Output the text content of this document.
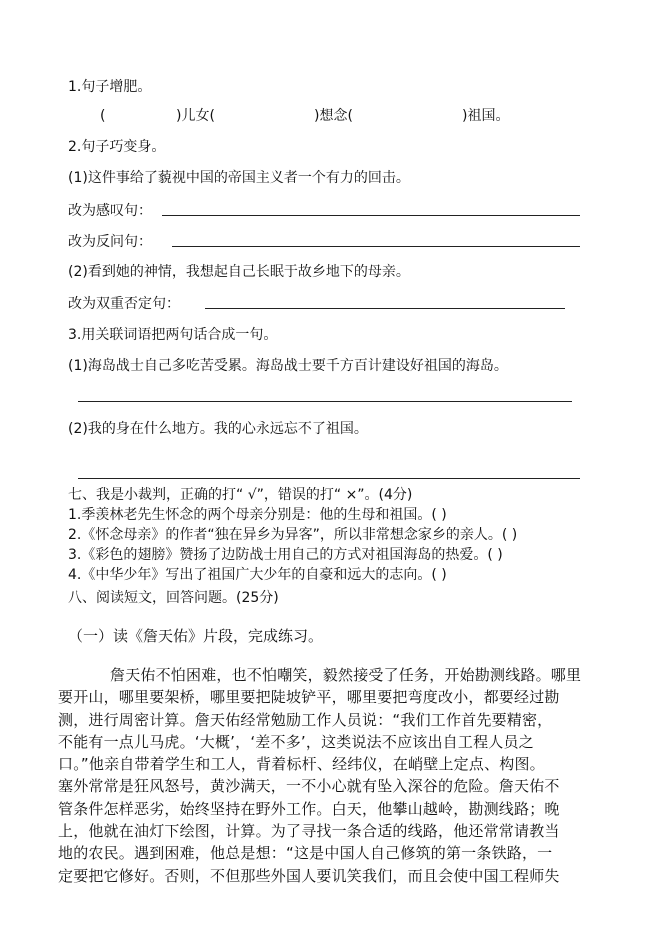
1.句子增肥。
(	)儿女(	)想念(	)祖国。
2.句子巧变身。
(1)这件事给了藐视中国的帝国主义者一个有力的回击。
改为感叹句：
改为反问句：
(2)看到她的神情，我想起自己长眠于故乡地下的母亲。
改为双重否定句：
3.用关联词语把两句话合成一句。
(1)海岛战士自己多吃苦受累。海岛战士要千方百计建设好祖国的海岛。
(2)我的身在什么地方。我的心永远忘不了祖国。
七、我是小裁判，正确的打“ √”，错误的打“ ×”。(4分)
1.季羡林老先生怀念的两个母亲分别是：他的生母和祖国。( )
2.《怀念母亲》的作者“独在异乡为异客”，所以非常想念家乡的亲人。( )
3.《彩色的翅膀》赞扬了边防战士用自己的方式对祖国海岛的热爱。( )
4.《中华少年》写出了祖国广大少年的自豪和远大的志向。( )
八、阅读短文，回答问题。(25分)
（一）读《詹天佑》片段，完成练习。
詹天佑不怕困难，也不怕嘲笑，毅然接受了任务，开始勘测线路。哪里
要开山，哪里要架桥，哪里要把陡坡铲平，哪里要把弯度改小，都要经过勘
测，进行周密计算。詹天佑经常勉励工作人员说：“我们工作首先要精密，
不能有一点儿马虎。‘大概’，‘差不多’，这类说法不应该出自工程人员之
口。”他亲自带着学生和工人，背着标杆、经纬仪，在峭壁上定点、构图。
塞外常常是狂风怒号，黄沙满天，一不小心就有坠入深谷的危险。詹天佑不
管条件怎样恶劣，始终坚持在野外工作。白天，他攀山越岭，勘测线路；晚
上，他就在油灯下绘图，计算。为了寻找一条合适的线路，他还常常请教当
地的农民。遇到困难，他总是想：“这是中国人自己修筑的第一条铁路，一
定要把它修好。否则，不但那些外国人要讥笑我们，而且会使中国工程师失
